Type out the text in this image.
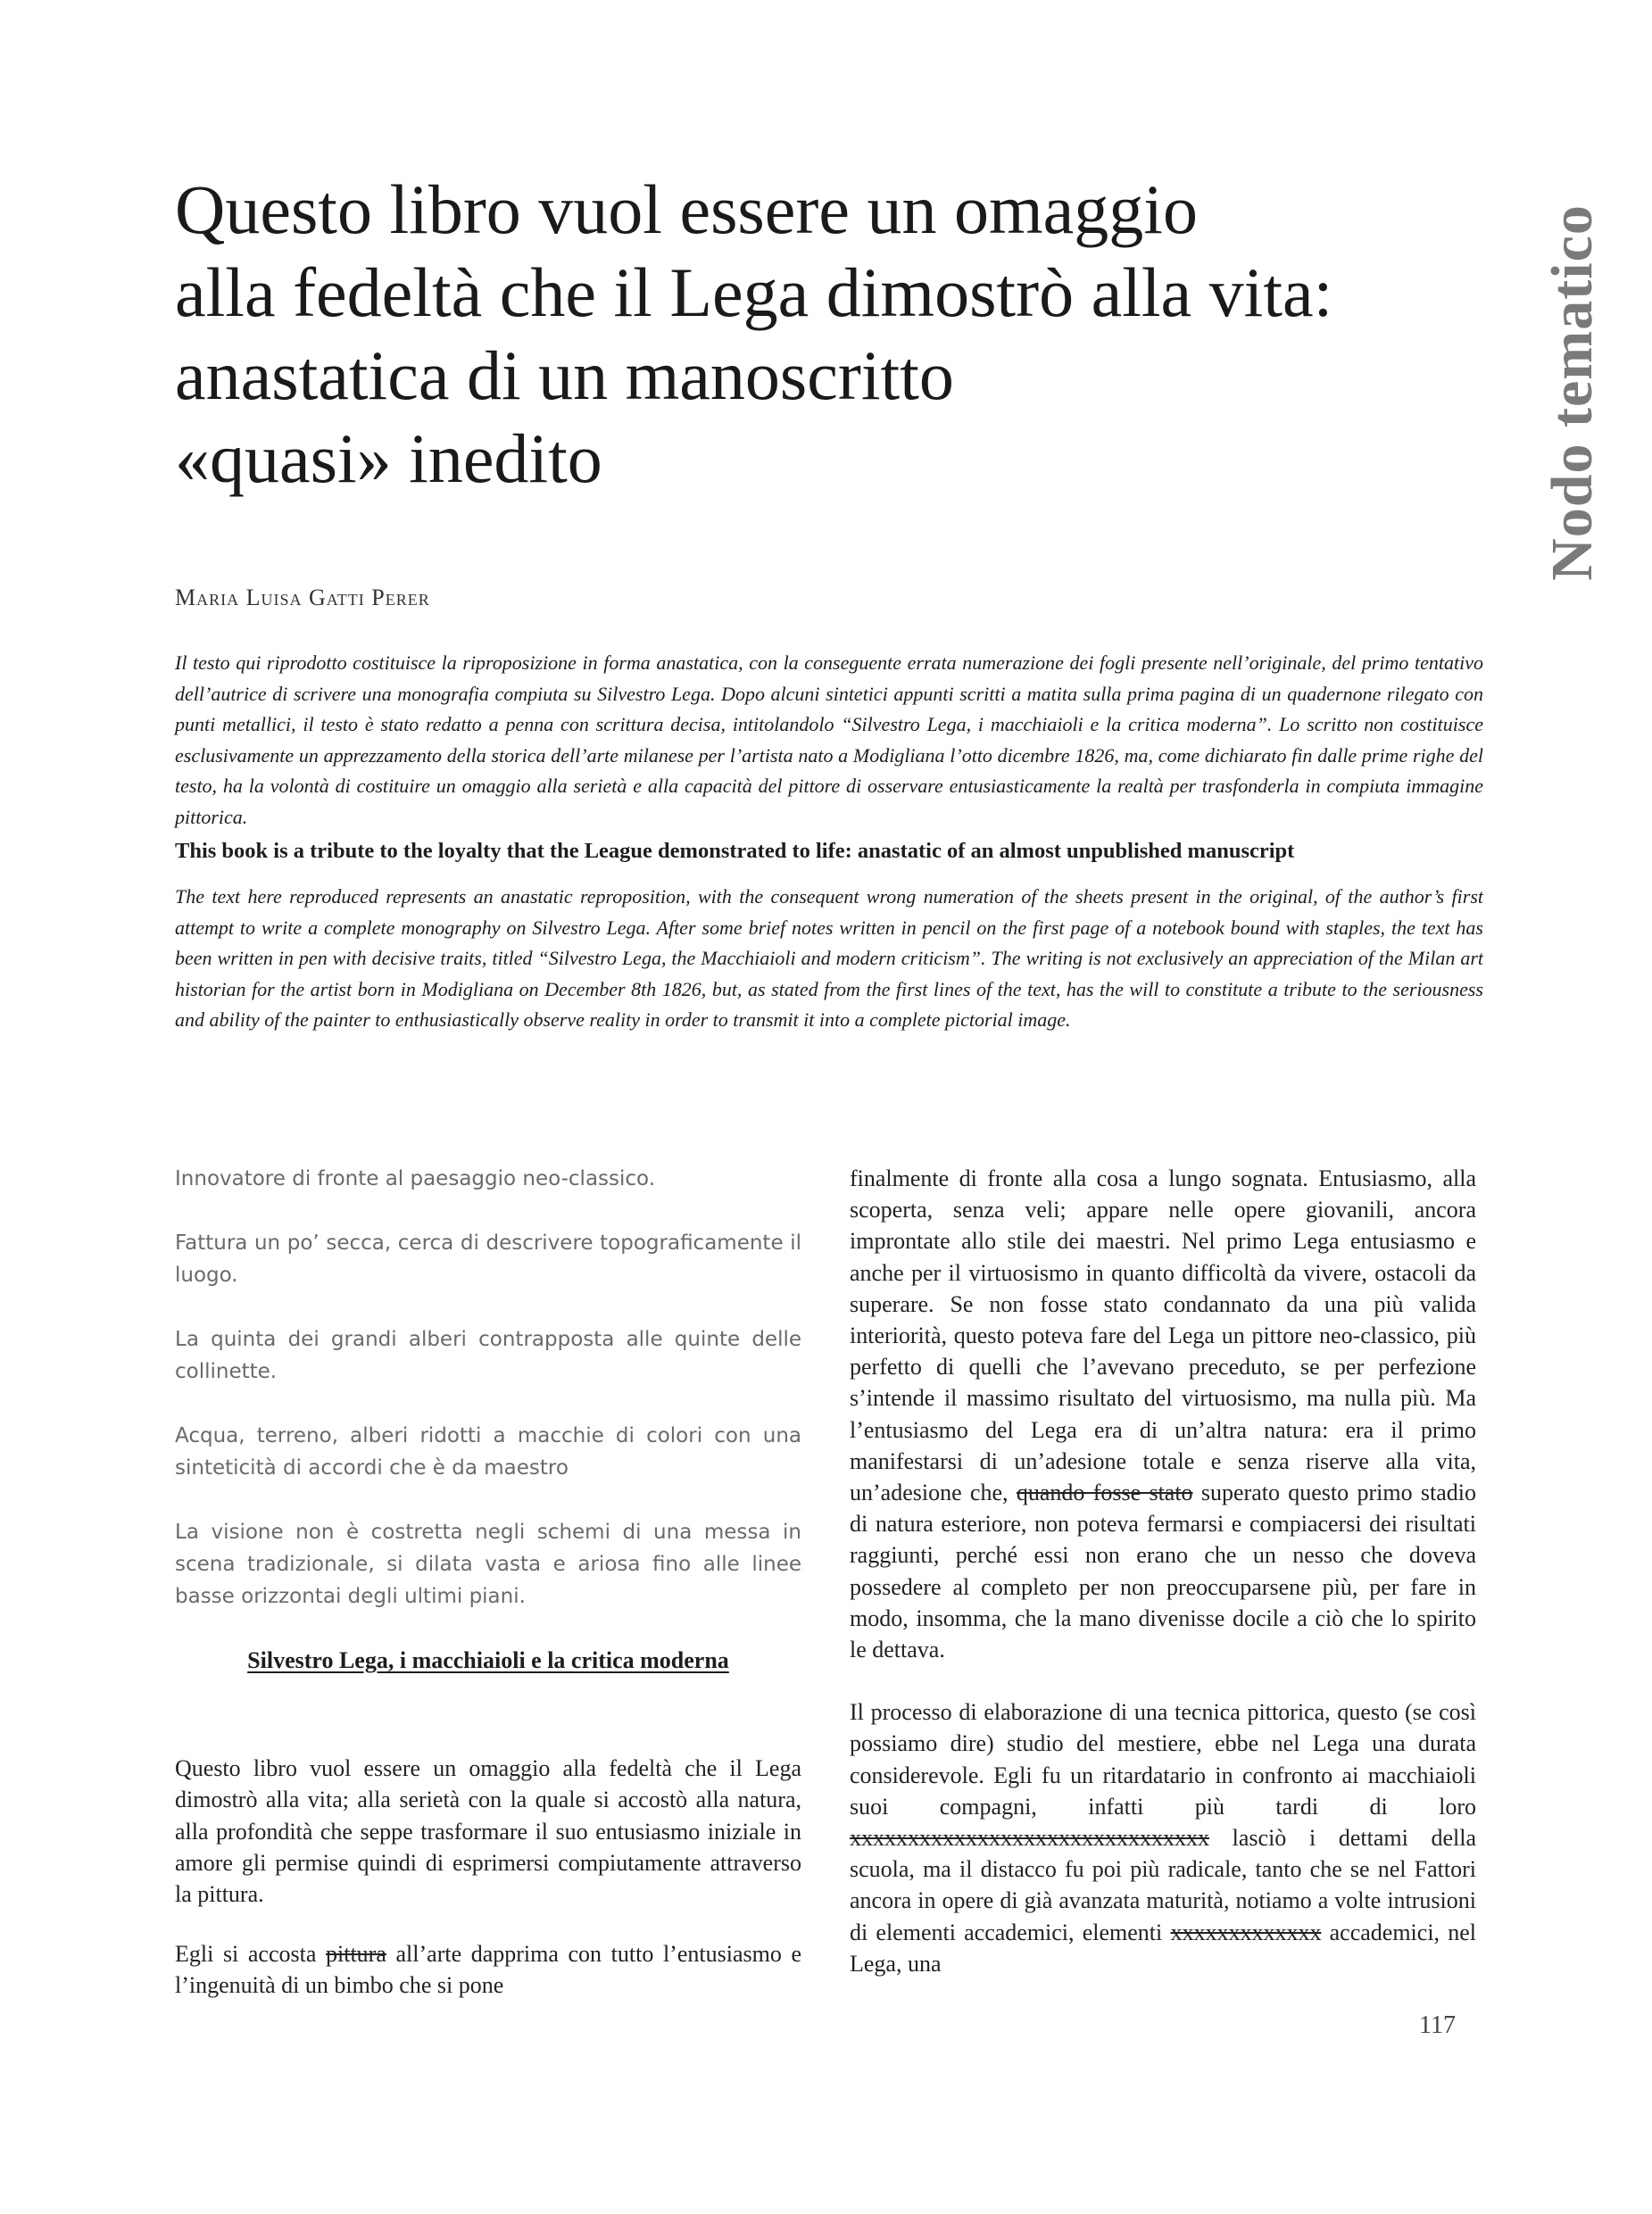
Nodo tematico
Questo libro vuol essere un omaggio
alla fedeltà che il Lega dimostrò alla vita:
anastatica di un manoscritto
«quasi» inedito
Maria Luisa Gatti Perer

Il testo qui riprodotto costituisce la riproposizione in forma anastatica, con la conseguente errata numerazione dei fogli presente nell’originale, del primo tentativo dell’autrice di scrivere una monografia compiuta su Silvestro Lega. Dopo alcuni sintetici appunti scritti a matita sulla prima pagina di un quadernone rilegato con punti metallici, il testo è stato redatto a penna con scrittura decisa, intitolandolo “Silvestro Lega, i macchiaioli e la critica moderna”. Lo scritto non costituisce esclusivamente un apprezzamento della storica dell’arte milanese per l’artista nato a Modigliana l’otto dicembre 1826, ma, come dichiarato fin dalle prime righe del testo, ha la volontà di costituire un omaggio alla serietà e alla capacità del pittore di osservare entusiasticamente la realtà per trasfonderla in compiuta immagine pittorica.

This book is a tribute to the loyalty that the League demonstrated to life: anastatic of an almost unpublished manuscript

The text here reproduced represents an anastatic reproposition, with the consequent wrong numeration of the sheets present in the original, of the author’s first attempt to write a complete monography on Silvestro Lega. After some brief notes written in pencil on the first page of a notebook bound with staples, the text has been written in pen with decisive traits, titled “Silvestro Lega, the Macchiaioli and modern criticism”. The writing is not exclusively an appreciation of the Milan art historian for the artist born in Modigliana on December 8th 1826, but, as stated from the first lines of the text, has the will to constitute a tribute to the seriousness and ability of the painter to enthusiastically observe reality in order to transmit it into a complete pictorial image.

Innovatore di fronte al paesaggio neo-classico.

Fattura un po’ secca, cerca di descrivere topograficamente il luogo.

La quinta dei grandi alberi contrapposta alle quinte delle collinette.

Acqua, terreno, alberi ridotti a macchie di colori con una sinteticità di accordi che è da maestro

La visione non è costretta negli schemi di una messa in scena tradizionale, si dilata vasta e ariosa fino alle linee basse orizzontai degli ultimi piani.

Silvestro Lega, i macchiaioli e la critica moderna

Questo libro vuol essere un omaggio alla fedeltà che il Lega dimostrò alla vita; alla serietà con la quale si accostò alla natura, alla profondità che seppe trasformare il suo entusiasmo iniziale in amore gli permise quindi di esprimersi compiutamente attraverso la pittura.

Egli si accosta pittura all’arte dapprima con tutto l’entusiasmo e l’ingenuità di un bimbo che si pone

finalmente di fronte alla cosa a lungo sognata. Entusiasmo, alla scoperta, senza veli; appare nelle opere giovanili, ancora improntate allo stile dei maestri. Nel primo Lega entusiasmo e anche per il virtuosismo in quanto difficoltà da vivere, ostacoli da superare. Se non fosse stato condannato da una più valida interiorità, questo poteva fare del Lega un pittore neo-classico, più perfetto di quelli che l’avevano preceduto, se per perfezione s’intende il massimo risultato del virtuosismo, ma nulla più. Ma l’entusiasmo del Lega era di un’altra natura: era il primo manifestarsi di un’adesione totale e senza riserve alla vita, un’adesione che, quando fosse stato superato questo primo stadio di natura esteriore, non poteva fermarsi e compiacersi dei risultati raggiunti, perché essi non erano che un nesso che doveva possedere al completo per non preoccuparsene più, per fare in modo, insomma, che la mano divenisse docile a ciò che lo spirito le dettava.

Il processo di elaborazione di una tecnica pittorica, questo (se così possiamo dire) studio del mestiere, ebbe nel Lega una durata considerevole. Egli fu un ritardatario in confronto ai macchiaioli suoi compagni, infatti più tardi di loro xxxxxxxxxxxxxxxxxxxxxxxxxxxxxxx lasciò i dettami della scuola, ma il distacco fu poi più radicale, tanto che se nel Fattori ancora in opere di già avanzata maturità, notiamo a volte intrusioni di elementi accademici, elementi xxxxxxxxxxxxx accademici, nel Lega, una

117
